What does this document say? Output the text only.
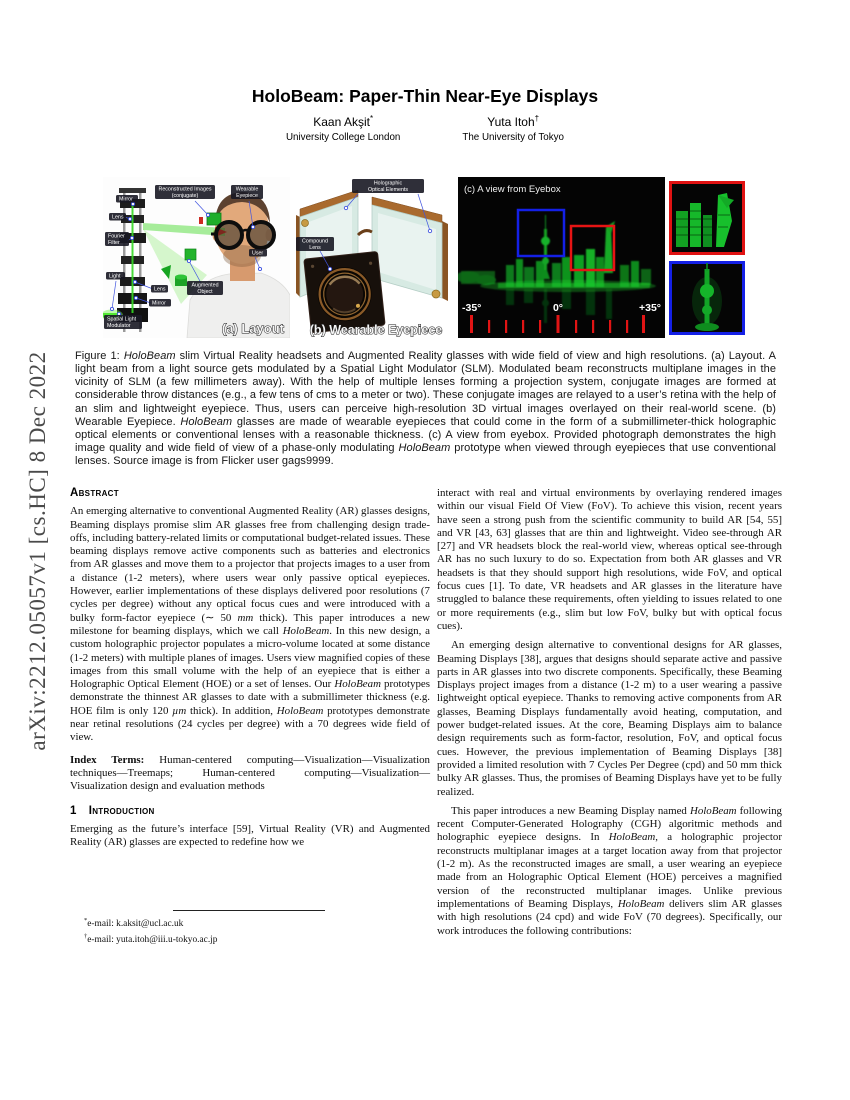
arXiv:2212.05057v1 [cs.HC] 8 Dec 2022
HoloBeam: Paper-Thin Near-Eye Displays
Kaan Akşit*
University College London
Yuta Itoh†
The University of Tokyo
Mirror
Lens
Fourier
Filter
Light
Lens
Mirror
Spatial Light
Modulator
Reconstructed Images
(conjugate)
Wearable
Eyepiece
User
Augmented
Object
(a) Layout
Holographic
Optical Elements
Compound
Lens
(b) Wearable Eyepiece
(c) A view from Eyebox
-35°	0°	+35°
Figure 1: HoloBeam slim Virtual Reality headsets and Augmented Reality glasses with wide field of view and high resolutions. (a) Layout. A light beam from a light source gets modulated by a Spatial Light Modulator (SLM). Modulated beam reconstructs multiplane images in the vicinity of SLM (a few millimeters away). With the help of multiple lenses forming a projection system, conjugate images are formed at considerable throw distances (e.g., a few tens of cms to a meter or two). These conjugate images are relayed to a user’s retina with the help of an slim and lightweight eyepiece. Thus, users can perceive high-resolution 3D virtual images overlayed on their real-world scene. (b) Wearable Eyepiece. HoloBeam glasses are made of wearable eyepieces that could come in the form of a submillimeter-thick holographic optical elements or conventional lenses with a reasonable thickness. (c) A view from eyebox. Provided photograph demonstrates the high image quality and wide field of view of a phase-only modulating HoloBeam prototype when viewed through eyepieces that use conventional lenses. Source image is from Flicker user gags9999.
Abstract

An emerging alternative to conventional Augmented Reality (AR) glasses designs, Beaming displays promise slim AR glasses free from challenging design trade-offs, including battery-related limits or computational budget-related issues. These beaming displays remove active components such as batteries and electronics from AR glasses and move them to a projector that projects images to a user from a distance (1-2 meters), where users wear only passive optical eyepieces. However, earlier implementations of these displays delivered poor resolutions (7 cycles per degree) without any optical focus cues and were introduced with a bulky form-factor eyepiece (∼ 50 mm thick). This paper introduces a new milestone for beaming displays, which we call HoloBeam. In this new design, a custom holographic projector populates a micro-volume located at some distance (1-2 meters) with multiple planes of images. Users view magnified copies of these images from this small volume with the help of an eyepiece that is either a Holographic Optical Element (HOE) or a set of lenses. Our HoloBeam prototypes demonstrate the thinnest AR glasses to date with a submillimeter thickness (e.g. HOE film is only 120 µm thick). In addition, HoloBeam prototypes demonstrate near retinal resolutions (24 cycles per degree) with a 70 degrees wide field of view.

Index Terms: Human-centered computing—Visualization—Visualization techniques—Treemaps; Human-centered computing—Visualization—Visualization design and evaluation methods

1 Introduction

Emerging as the future’s interface [59], Virtual Reality (VR) and Augmented Reality (AR) glasses are expected to redefine how we

interact with real and virtual environments by overlaying rendered images within our visual Field Of View (FoV). To achieve this vision, recent years have seen a strong push from the scientific community to build AR [54, 55] and VR [43, 63] glasses that are thin and lightweight. Video see-through AR [27] and VR headsets block the real-world view, whereas optical see-through AR has no such luxury to do so. Expectation from both AR glasses and VR headsets is that they should support high resolutions, wide FoV, and optical focus cues [1]. To date, VR headsets and AR glasses in the literature have struggled to balance these requirements, often yielding to issues related to one or more requirements (e.g., slim but low FoV, bulky but with optical focus cues).

An emerging design alternative to conventional designs for AR glasses, Beaming Displays [38], argues that designs should separate active and passive parts in AR glasses into two discrete components. Specifically, these Beaming Displays project images from a distance (1-2 m) to a user wearing a passive lightweight optical eyepiece. Thanks to removing active components from AR glasses, Beaming Displays fundamentally avoid heating, computation, and power budget-related issues. At the core, Beaming Displays aim to balance design requirements such as form-factor, resolution, FoV, and optical focus cues. However, the previous implementation of Beaming Displays [38] provided a limited resolution with 7 Cycles Per Degree (cpd) and 50 mm thick bulky AR glasses. Thus, the promises of Beaming Displays have yet to be fully realized.

This paper introduces a new Beaming Display named HoloBeam following recent Computer-Generated Holography (CGH) algoritmic methods and holographic eyepiece designs. In HoloBeam, a holographic projector reconstructs multiplanar images at a target location away from that projector (1-2 m). As the reconstructed images are small, a user wearing an eyepiece made from an Holographic Optical Element (HOE) perceives a magnified version of the reconstructed multiplanar images. Unlike previous implementations of Beaming Displays, HoloBeam delivers slim AR glasses with high resolutions (24 cpd) and wide FoV (70 degrees). Specifically, our work introduces the following contributions:

*e-mail: k.aksit@ucl.ac.uk

†e-mail: yuta.itoh@iii.u-tokyo.ac.jp
